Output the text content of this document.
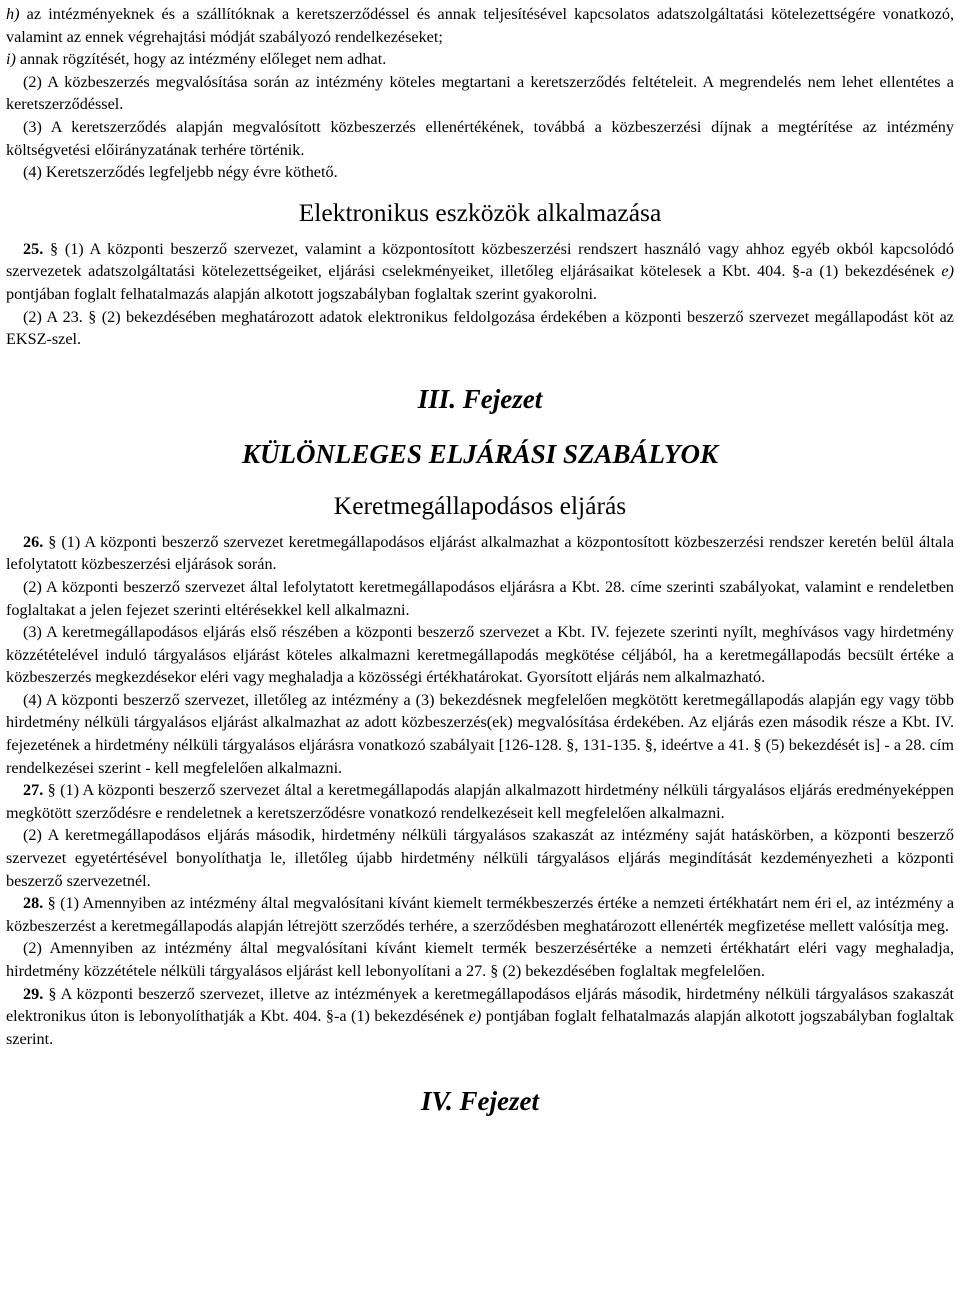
h) az intézményeknek és a szállítóknak a keretszerződéssel és annak teljesítésével kapcsolatos adatszolgáltatási kötelezettségére vonatkozó, valamint az ennek végrehajtási módját szabályozó rendelkezéseket;

i) annak rögzítését, hogy az intézmény előleget nem adhat.

(2) A közbeszerzés megvalósítása során az intézmény köteles megtartani a keretszerződés feltételeit. A megrendelés nem lehet ellentétes a keretszerződéssel.

(3) A keretszerződés alapján megvalósított közbeszerzés ellenértékének, továbbá a közbeszerzési díjnak a megtérítése az intézmény költségvetési előirányzatának terhére történik.

(4) Keretszerződés legfeljebb négy évre köthető.

Elektronikus eszközök alkalmazása

25. § (1) A központi beszerző szervezet, valamint a központosított közbeszerzési rendszert használó vagy ahhoz egyéb okból kapcsolódó szervezetek adatszolgáltatási kötelezettségeiket, eljárási cselekményeiket, illetőleg eljárásaikat kötelesek a Kbt. 404. §-a (1) bekezdésének e) pontjában foglalt felhatalmazás alapján alkotott jogszabályban foglaltak szerint gyakorolni.

(2) A 23. § (2) bekezdésében meghatározott adatok elektronikus feldolgozása érdekében a központi beszerző szervezet megállapodást köt az EKSZ-szel.

III. Fejezet
KÜLÖNLEGES ELJÁRÁSI SZABÁLYOK
Keretmegállapodásos eljárás

26. § (1) A központi beszerző szervezet keretmegállapodásos eljárást alkalmazhat a központosított közbeszerzési rendszer keretén belül általa lefolytatott közbeszerzési eljárások során.

(2) A központi beszerző szervezet által lefolytatott keretmegállapodásos eljárásra a Kbt. 28. címe szerinti szabályokat, valamint e rendeletben foglaltakat a jelen fejezet szerinti eltérésekkel kell alkalmazni.

(3) A keretmegállapodásos eljárás első részében a központi beszerző szervezet a Kbt. IV. fejezete szerinti nyílt, meghívásos vagy hirdetmény közzétételével induló tárgyalásos eljárást köteles alkalmazni keretmegállapodás megkötése céljából, ha a keretmegállapodás becsült értéke a közbeszerzés megkezdésekor eléri vagy meghaladja a közösségi értékhatárokat. Gyorsított eljárás nem alkalmazható.

(4) A központi beszerző szervezet, illetőleg az intézmény a (3) bekezdésnek megfelelően megkötött keretmegállapodás alapján egy vagy több hirdetmény nélküli tárgyalásos eljárást alkalmazhat az adott közbeszerzés(ek) megvalósítása érdekében. Az eljárás ezen második része a Kbt. IV. fejezetének a hirdetmény nélküli tárgyalásos eljárásra vonatkozó szabályait [126-128. §, 131-135. §, ideértve a 41. § (5) bekezdését is] - a 28. cím rendelkezései szerint - kell megfelelően alkalmazni.

27. § (1) A központi beszerző szervezet által a keretmegállapodás alapján alkalmazott hirdetmény nélküli tárgyalásos eljárás eredményeképpen megkötött szerződésre e rendeletnek a keretszerződésre vonatkozó rendelkezéseit kell megfelelően alkalmazni.

(2) A keretmegállapodásos eljárás második, hirdetmény nélküli tárgyalásos szakaszát az intézmény saját hatáskörben, a központi beszerző szervezet egyetértésével bonyolíthatja le, illetőleg újabb hirdetmény nélküli tárgyalásos eljárás megindítását kezdeményezheti a központi beszerző szervezetnél.

28. § (1) Amennyiben az intézmény által megvalósítani kívánt kiemelt termékbeszerzés értéke a nemzeti értékhatárt nem éri el, az intézmény a közbeszerzést a keretmegállapodás alapján létrejött szerződés terhére, a szerződésben meghatározott ellenérték megfizetése mellett valósítja meg.

(2) Amennyiben az intézmény által megvalósítani kívánt kiemelt termék beszerzésértéke a nemzeti értékhatárt eléri vagy meghaladja, hirdetmény közzététele nélküli tárgyalásos eljárást kell lebonyolítani a 27. § (2) bekezdésében foglaltak megfelelően.

29. § A központi beszerző szervezet, illetve az intézmények a keretmegállapodásos eljárás második, hirdetmény nélküli tárgyalásos szakaszát elektronikus úton is lebonyolíthatják a Kbt. 404. §-a (1) bekezdésének e) pontjában foglalt felhatalmazás alapján alkotott jogszabályban foglaltak szerint.

IV. Fejezet
